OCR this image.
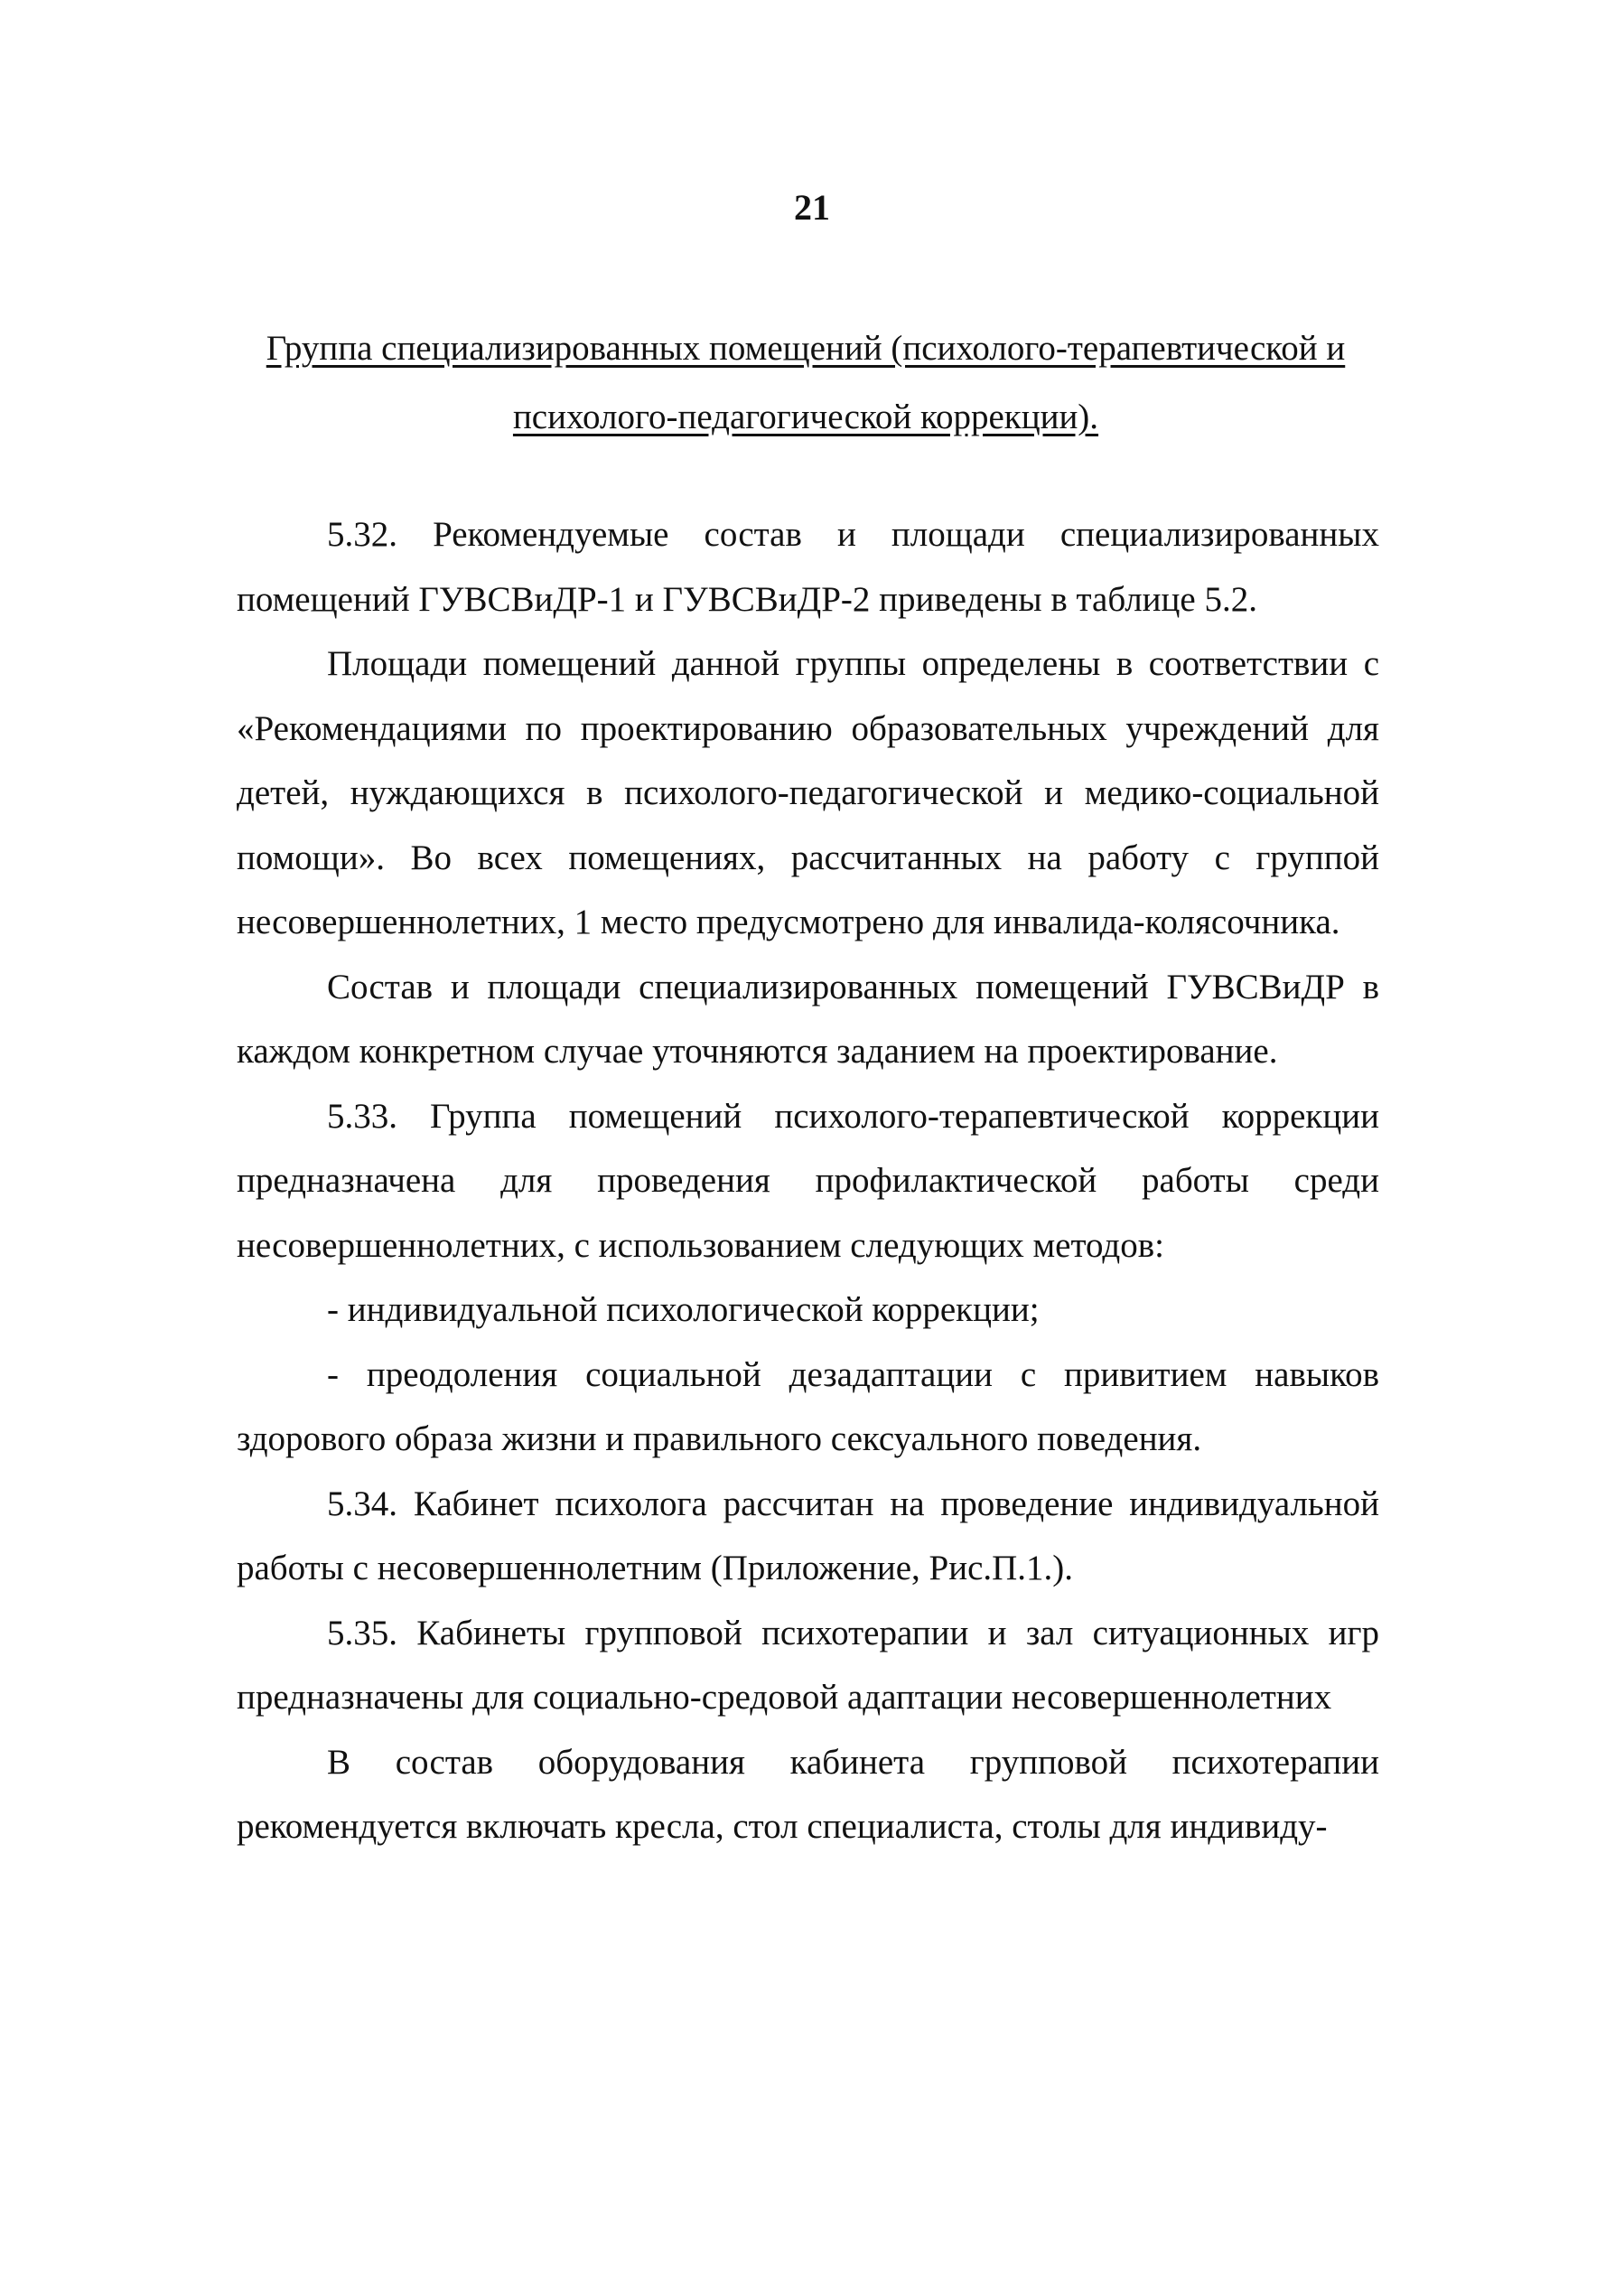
21
Группа специализированных помещений (психолого-терапевтической и психолого-педагогической коррекции).

5.32. Рекомендуемые состав и площади специализированных помещений ГУВСВиДР-1 и ГУВСВиДР-2 приведены в таблице 5.2.

Площади помещений данной группы определены в соответствии с «Рекомендациями по проектированию образовательных учреждений для детей, нуждающихся в психолого-педагогической и медико-социальной помощи». Во всех помещениях, рассчитанных на работу с группой несовершеннолетних, 1 место предусмотрено для инвалида-колясочника.

Состав и площади специализированных помещений ГУВСВиДР в каждом конкретном случае уточняются заданием на проектирование.

5.33. Группа помещений психолого-терапевтической коррекции предназначена для проведения профилактической работы среди несовершеннолетних, с использованием следующих методов:

- индивидуальной психологической коррекции;

- преодоления социальной дезадаптации с привитием навыков здорового образа жизни и правильного сексуального поведения.

5.34. Кабинет психолога рассчитан на проведение индивидуальной работы с несовершеннолетним (Приложение, Рис.П.1.).

5.35. Кабинеты групповой психотерапии и зал ситуационных игр предназначены для социально-средовой адаптации несовершеннолетних

В состав оборудования кабинета групповой психотерапии рекомендуется включать кресла, стол специалиста, столы для индивиду-
